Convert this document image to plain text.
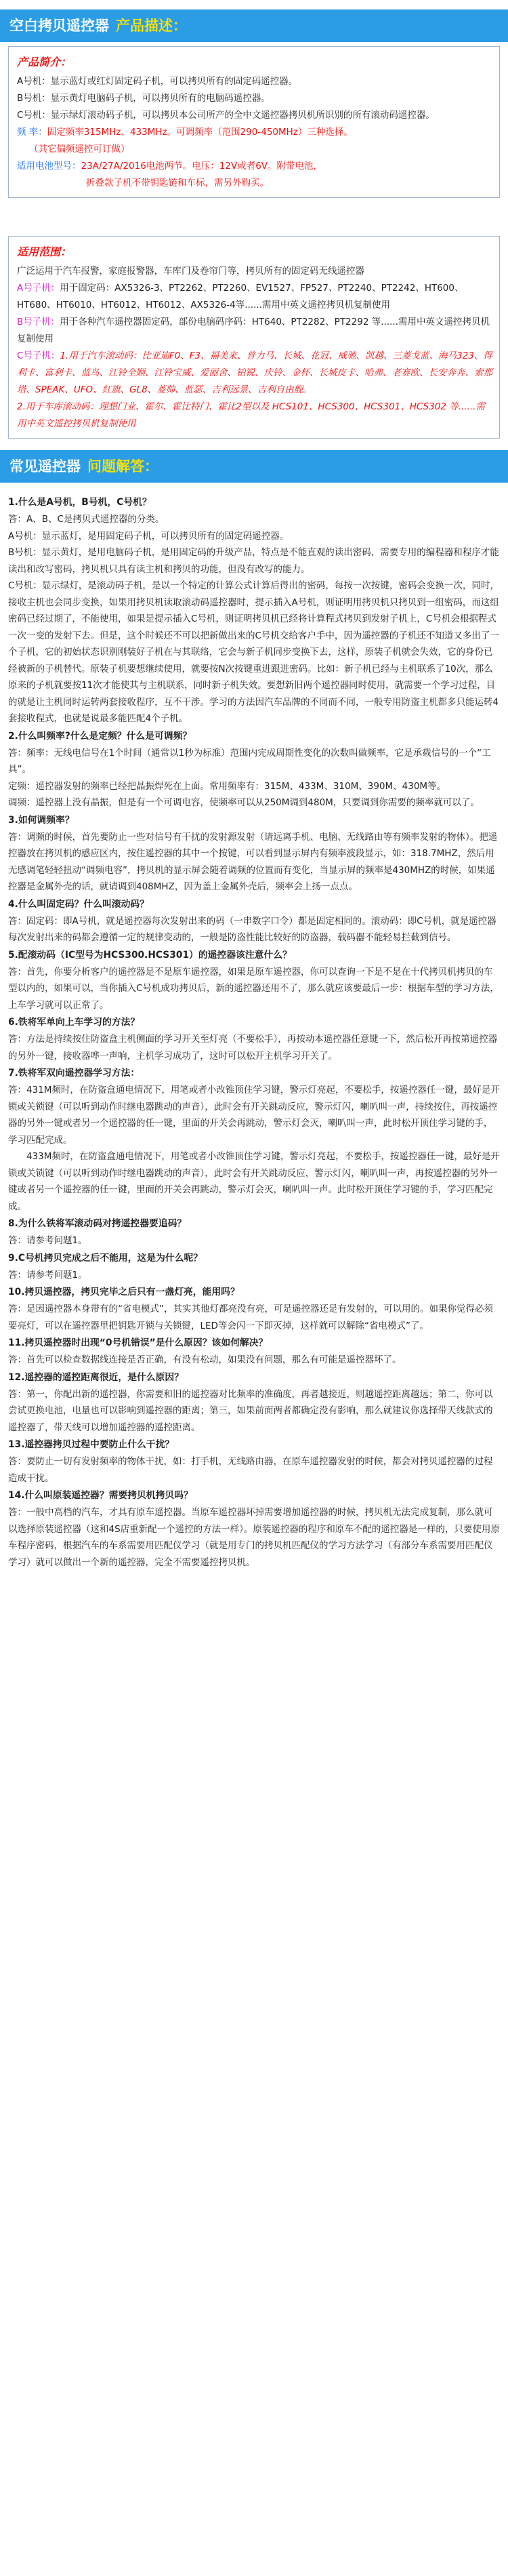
空白拷贝遥控器 产品描述：
产品简介：
A号机：显示蓝灯或红灯固定码子机，可以拷贝所有的固定码遥控器。
B号机：显示黄灯电脑码子机，可以拷贝所有的电脑码遥控器。
C号机：显示绿灯滚动码子机，可以拷贝本公司所产的全中文遥控器拷贝机所识别的所有滚动码遥控器。
频 率：固定频率315MHz、433MHz。可调频率（范围290-450MHz）三种选择。
（其它偏频遥控可订做）
适用电池型号：23A/27A/2016电池两节。电压：12V或者6V。附带电池，
折叠款子机不带钥匙链和车标，需另外购买。
适用范围：
广泛运用于汽车报警，家庭报警器，车库门及卷帘门等，拷贝所有的固定码无线遥控器
A号子机：用于固定码：AX5326-3、PT2262、PT2260、EV1527、FP527、PT2240、PT2242、HT600、HT680、HT6010、HT6012、HT6012、AX5326-4等......需用中英文遥控拷贝机复制使用
B号子机：用于各种汽车遥控器固定码，部份电脑码序码：HT640、PT2282、PT2292 等......需用中英文遥控拷贝机复制使用
C号子机：1.用于汽车滚动码：比亚迪F0、F3、福美来、普力马、长城、花冠、威驰、凯越、三菱戈蓝、海马323、得利卡、富利卡、蓝鸟、江铃全顺、江铃宝威、爱丽舍、铂锐、庆铃、金杯、长城皮卡、哈弗、老赛欧、长安奔奔、索那塔、SPEAK、UFO、红旗、GL8、菱帅、蓝瑟、吉利远景、吉利自由舰。
2.用于车库滚动码：理想门业、霍尔、霍比特门、霍比2型以及 HCS101、HCS300、HCS301、HCS302 等......需用中英文遥控拷贝机复制使用
常见遥控器 问题解答：
1.什么是A号机，B号机，C号机？

答：A、B、C是拷贝式遥控器的分类。

A号机：显示蓝灯，是用固定码子机，可以拷贝所有的固定码遥控器。

B号机：显示黄灯，是用电脑码子机，是用固定码的升级产品，特点是不能直观的读出密码，需要专用的编程器和程序才能读出和改写密码，拷贝机只具有读主机和拷贝的功能，但没有改写的能力。

C号机：显示绿灯，是滚动码子机，是以一个特定的计算公式计算后得出的密码，每按一次按键，密码会变换一次，同时，接收主机也会同步变换，如果用拷贝机读取滚动码遥控器时，提示插入A号机，则证明用拷贝机只拷贝到一组密码，而这组密码已经过期了，不能使用，如果是提示插入C号机，则证明拷贝机已经将计算程式拷贝到发射子机上，C号机会根据程式一次一变的发射下去。但是，这个时候还不可以把新做出来的C号机交给客户手中，因为遥控器的子机还不知道又多出了一个子机，它的初始状态识别刚装好子机在与其联络，它会与新子机同步变换下去，这样，原装子机就会失效，它的身份已经被新的子机替代。原装子机要想继续使用，就要按N次按键重进跟进密码。比如：新子机已经与主机联系了10次，那么原来的子机就要按11次才能使其与主机联系，同时新子机失效。要想新旧两个遥控器同时使用，就需要一个学习过程，目的就是让主机同时运转两套接收程序，互不干涉。学习的方法因汽车品牌的不同而不同，一般专用防盗主机都多只能运转4套接收程式，也就是说最多能匹配4个子机。

2.什么叫频率?什么是定频？什么是可调频？

答：频率：无线电信号在1个时间（通常以1秒为标准）范围内完成周期性变化的次数叫做频率，它是承载信号的一个“工具”。

定频：遥控器发射的频率已经把晶振焊死在上面。常用频率有：315M、433M、310M、390M、430M等。

调频：遥控器上没有晶振，但是有一个可调电容，使频率可以从250M调到480M，只要调到你需要的频率就可以了。

3.如何调频率？

答：调频的时候，首先要防止一些对信号有干扰的发射源发射（请远离手机、电脑、无线路由等有频率发射的物体）。把遥控器放在拷贝机的感应区内，按住遥控器的其中一个按键，可以看到显示屏内有频率波段显示，如：318.7MHZ，然后用无感调笔轻轻扭动“调频电容”，拷贝机的显示屏会随着调频的位置而有变化，当显示屏的频率是430MHZ的时候，如果遥控器是金属外壳的话，就请调到408MHZ，因为盖上金属外壳后，频率会上扬一点点。

4.什么叫固定码？什么叫滚动码？

答：固定码：即A号机，就是遥控器每次发射出来的码（一串数字口令）都是固定相同的。滚动码：即C号机，就是遥控器每次发射出来的码都会遵循一定的规律变动的，一般是防盗性能比较好的防盗器，载码器不能轻易拦截到信号。

5.配滚动码（IC型号为HCS300.HCS301）的遥控器该注意什么？

答：首先，你要分析客户的遥控器是不是原车遥控器，如果是原车遥控器，你可以查询一下是不是在十代拷贝机拷贝的车型以内的，如果可以，当你插入C号机成功拷贝后，新的遥控器还用不了，那么就应该要最后一步：根据车型的学习方法，上车学习就可以正常了。

6.铁将军单向上车学习的方法？

答：方法是持续按住防盗盒主机侧面的学习开关至灯亮（不要松手），再按动本遥控器任意键一下，然后松开再按第遥控器的另外一键，接收器哗一声响，主机学习成功了，这时可以松开主机学习开关了。

7.铁将军双向遥控器学习方法：

答：431M频时，在防盗盒通电情况下，用笔或者小改锥顶住学习键，警示灯亮起，不要松手，按遥控器任一键，最好是开锁或关锁键（可以听到动作时继电器跳动的声音），此时会有开关跳动反应，警示灯闪，喇叭叫一声，持续按住，再按遥控器的另外一键或者另一个遥控器的任一键，里面的开关会再跳动，警示灯会灭，喇叭叫一声，此时松开顶住学习键的手，学习匹配完成。

　　433M频时，在防盗盒通电情况下，用笔或者小改锥顶住学习键，警示灯亮起，不要松手，按遥控器任一键，最好是开锁或关锁键（可以听到动作时继电器跳动的声音），此时会有开关跳动反应，警示灯闪，喇叭叫一声，再按遥控器的另外一键或者另一个遥控器的任一键，里面的开关会再跳动，警示灯会灭，喇叭叫一声。此时松开顶住学习键的手，学习匹配完成。

8.为什么铁将军滚动码对拷遥控器要追码？

答：请参考问题1。

9.C号机拷贝完成之后不能用，这是为什么呢？

答：请参考问题1。

10.拷贝遥控器，拷贝完毕之后只有一盏灯亮，能用吗？

答：是因遥控器本身带有的“省电模式”，其实其他灯都亮没有亮，可是遥控器还是有发射的，可以用的。如果你觉得必须要亮灯，可以在遥控器里把钥匙开锁与关锁键，LED等会闪一下即灭掉，这样就可以解除“省电模式”了。

11.拷贝遥控器时出现“0号机错误”是什么原因？该如何解决？

答：首先可以检查数据线连接是否正确，有没有松动，如果没有问题，那么有可能是遥控器坏了。

12.遥控器的遥控距离很近，是什么原因？

答：第一，你配出新的遥控器，你需要和旧的遥控器对比频率的准确度，再者越接近，则越遥控距离越远；第二，你可以尝试更换电池，电量也可以影响到遥控器的距离；第三，如果前面两者都确定没有影响，那么就建议你选择带天线款式的遥控器了，带天线可以增加遥控器的遥控距离。

13.遥控器拷贝过程中要防止什么干扰？

答：要防止一切有发射频率的物体干扰，如：打手机，无线路由器，在原车遥控器发射的时候，都会对拷贝遥控器的过程造成干扰。

14.什么叫原装遥控器？需要拷贝机拷贝吗？

答：一般中高档的汽车，才具有原车遥控器。当原车遥控器坏掉需要增加遥控器的时候，拷贝机无法完成复制，那么就可以选择原装遥控器（这和4S店重新配一个遥控的方法一样）。原装遥控器的程序和原车不配的遥控器是一样的，只要使用原车程序密码，根据汽车的车系需要用匹配仪学习（就是用专门的拷贝机匹配仪的学习方法学习（有部分车系需要用匹配仪学习）就可以做出一个新的遥控器，完全不需要遥控拷贝机。
